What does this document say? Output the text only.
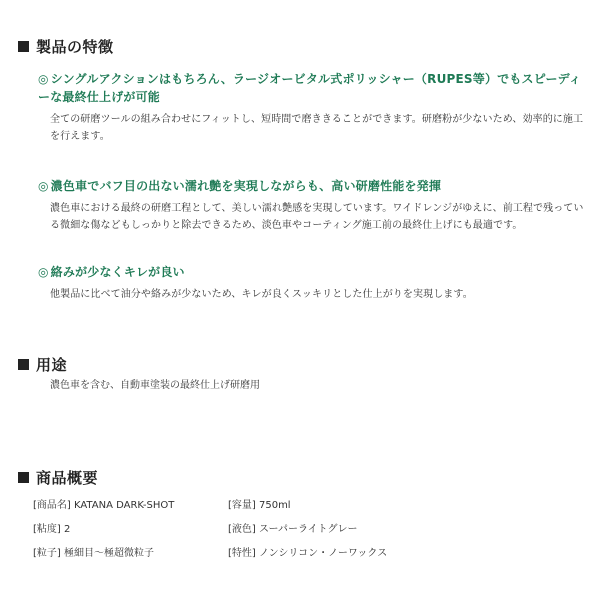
製品の特徴
◎ シングルアクションはもちろん、ラージオービタル式ポリッシャー（RUPES等）でもスピーディーな最終仕上げが可能
全ての研磨ツールの組み合わせにフィットし、短時間で磨ききることができます。研磨粉が少ないため、効率的に施工を行えます。
◎ 濃色車でバフ目の出ない濡れ艶を実現しながらも、高い研磨性能を発揮
濃色車における最終の研磨工程として、美しい濡れ艶感を実現しています。ワイドレンジがゆえに、前工程で残っている微細な傷などもしっかりと除去できるため、淡色車やコーティング施工前の最終仕上げにも最適です。
◎ 絡みが少なくキレが良い
他製品に比べて油分や絡みが少ないため、キレが良くスッキリとした仕上がりを実現します。
用途
濃色車を含む、自動車塗装の最終仕上げ研磨用
商品概要
[商品名] KATANA DARK-SHOT	[容量] 750ml
[粘度] 2	[液色] スーパーライトグレー
[粒子] 極細目〜極超微粒子	[特性] ノンシリコン・ノーワックス
